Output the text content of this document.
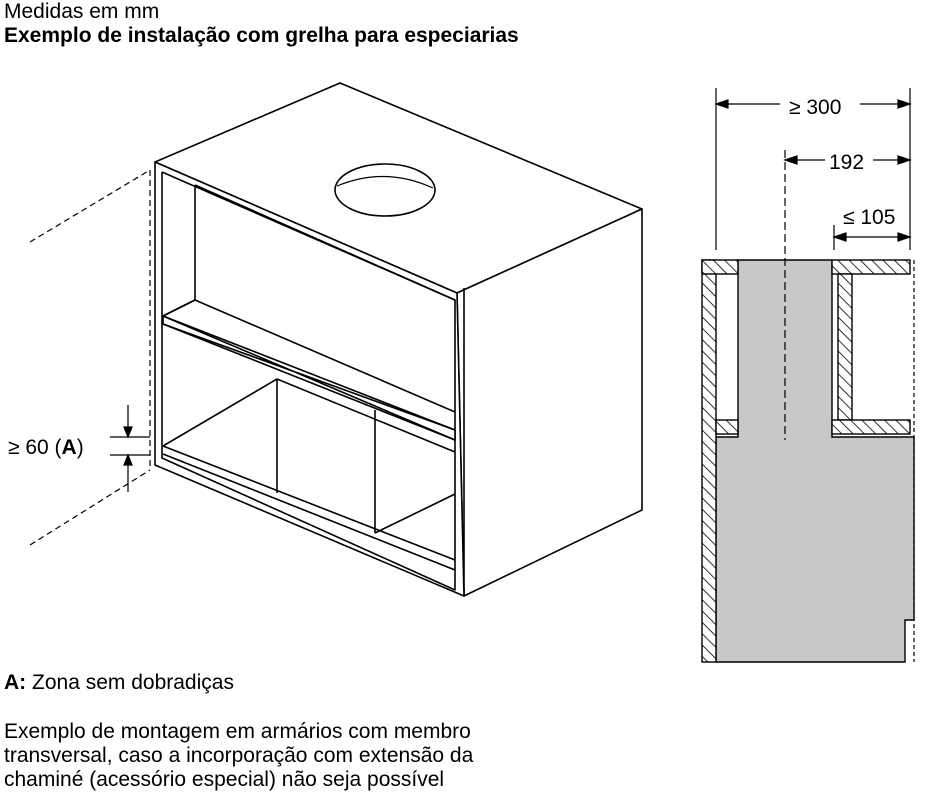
Medidas em mm
Exemplo de instalação com grelha para especiarias
≥ 60 (A)
≥ 300
192
≤ 105
A: Zona sem dobradiças
Exemplo de montagem em armários com membro
transversal, caso a incorporação com extensão da
chaminé (acessório especial) não seja possível
